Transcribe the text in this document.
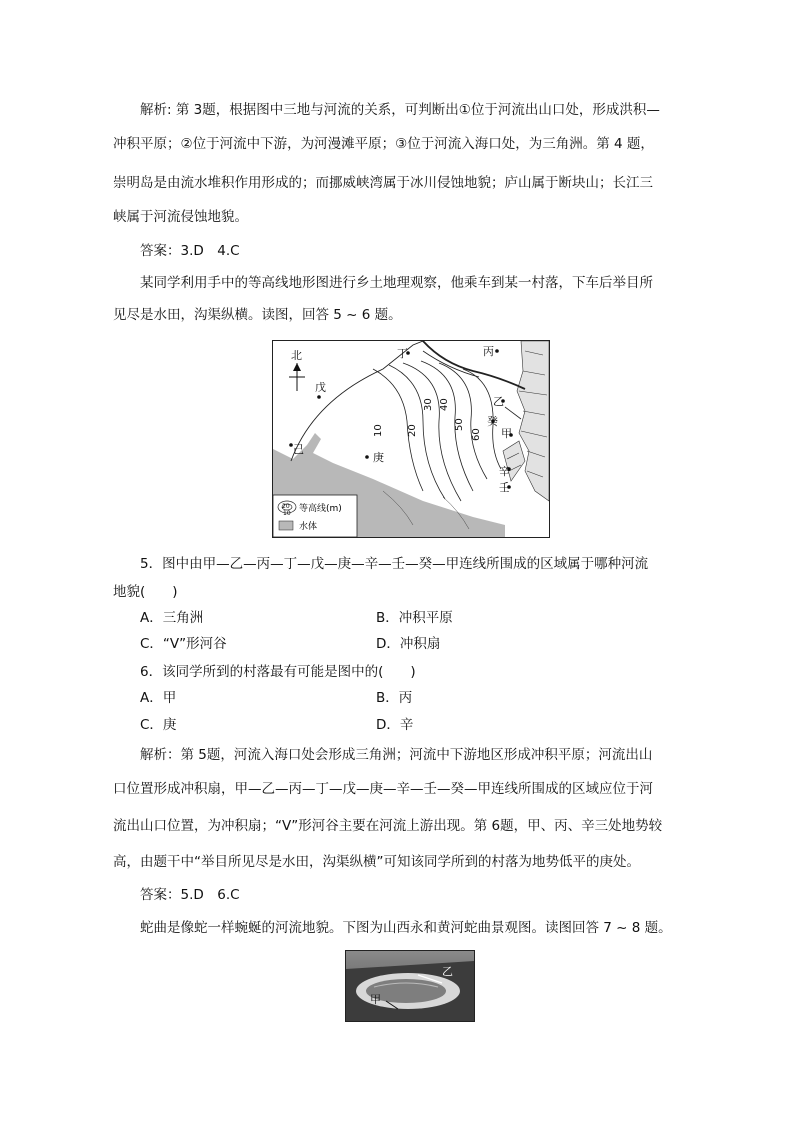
解析: 第 3题，根据图中三地与河流的关系，可判断出①位于河流出山口处，形成洪积—
冲积平原；②位于河流中下游，为河漫滩平原；③位于河流入海口处，为三角洲。第 4 题，
崇明岛是由流水堆积作用形成的；而挪威峡湾属于冰川侵蚀地貌；庐山属于断块山；长江三
峡属于河流侵蚀地貌。
答案：3.D　4.C
某同学利用手中的等高线地形图进行乡土地理观察，他乘车到某一村落，下车后举目所
见尽是水田，沟渠纵横。读图，回答 5 ~ 6 题。
北
甲
乙
丙
丁
戊
己
庚
辛
壬
癸
10 20
30 40
50
60
20
10 等高线(m)
水体
5．图中由甲—乙—丙—丁—戊—庚—辛—壬—癸—甲连线所围成的区域属于哪种河流
地貌(　　)
A．三角洲	B．冲积平原
C．“V”形河谷	D．冲积扇
6．该同学所到的村落最有可能是图中的(　　)
A．甲	B．丙
C．庚	D．辛
解析：第 5题，河流入海口处会形成三角洲；河流中下游地区形成冲积平原；河流出山
口位置形成冲积扇，甲—乙—丙—丁—戊—庚—辛—壬—癸—甲连线所围成的区域应位于河
流出山口位置，为冲积扇；“V”形河谷主要在河流上游出现。第 6题，甲、丙、辛三处地势较
高，由题干中“举目所见尽是水田，沟渠纵横”可知该同学所到的村落为地势低平的庚处。
答案：5.D　6.C
蛇曲是像蛇一样蜿蜒的河流地貌。下图为山西永和黄河蛇曲景观图。读图回答 7 ~ 8 题。
乙
甲
